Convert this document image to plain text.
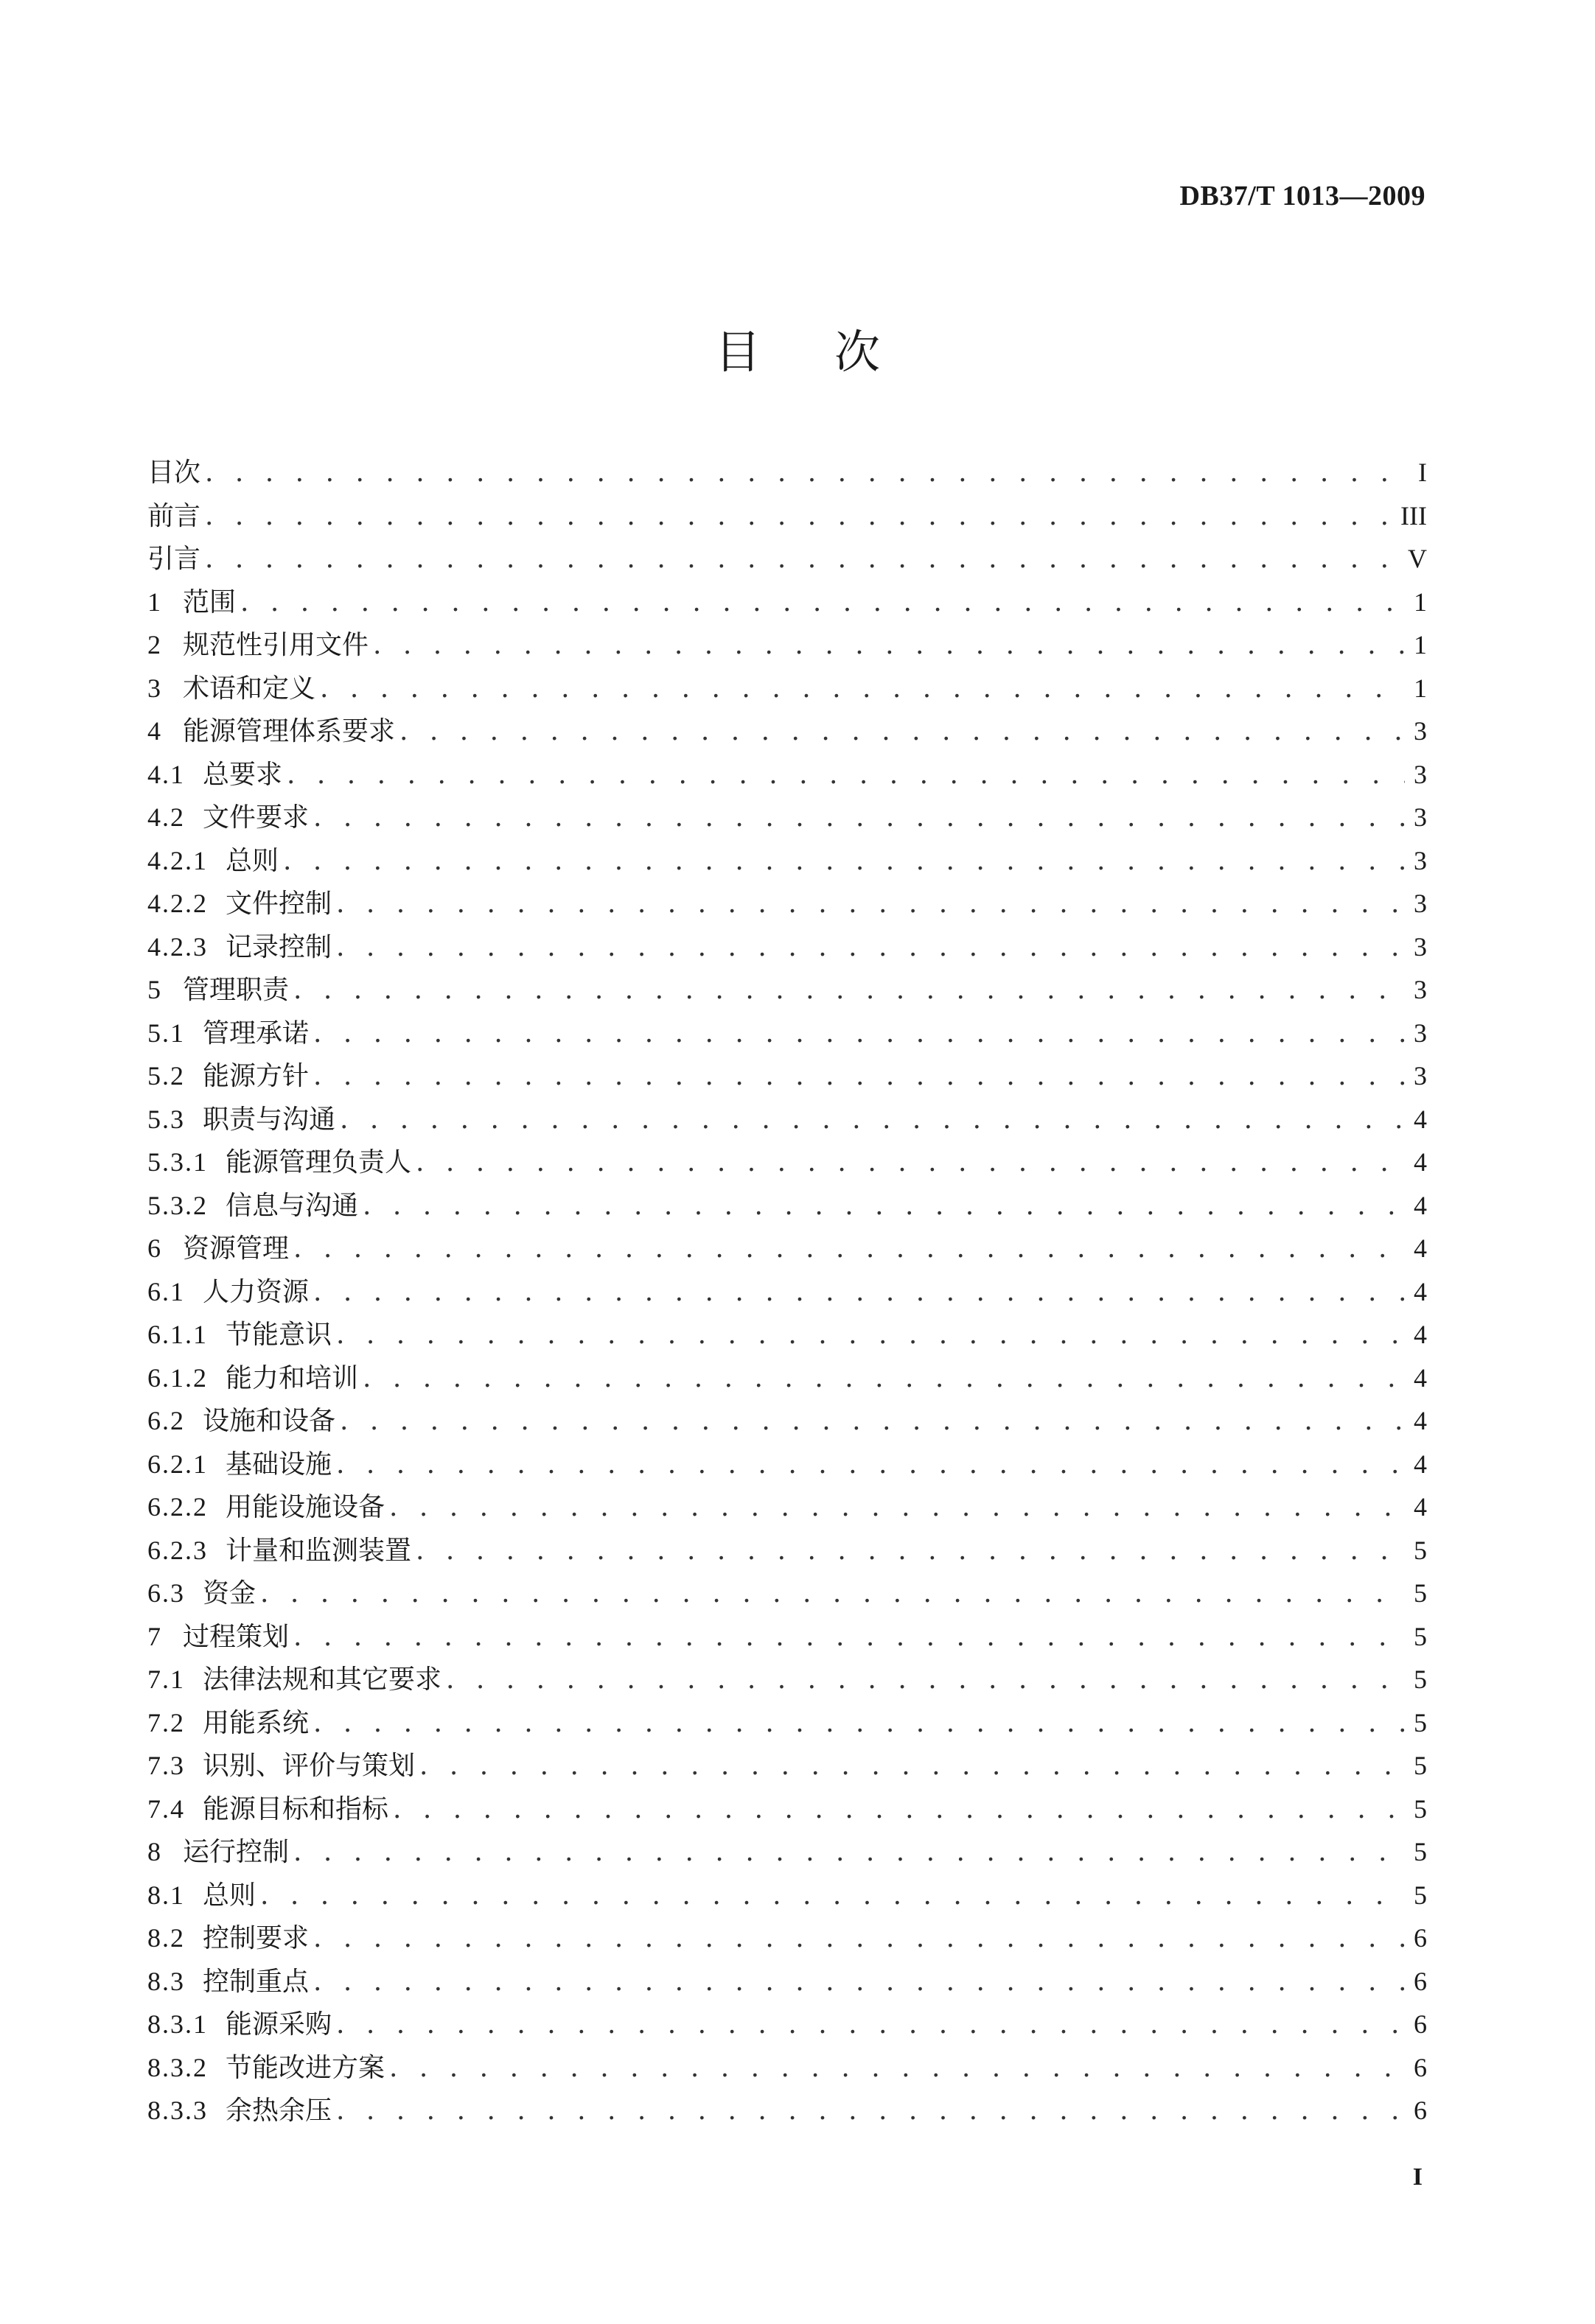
DB37/T 1013—2009
目次
目次 . . .	I
前言 . . .	III
引言 . . .	V
1 范围 . . .	1
2 规范性引用文件 . . .	1
3 术语和定义 . . .	1
4 能源管理体系要求 . . .	3
4.1 总要求 . . .	3
4.2 文件要求 . . .	3
4.2.1 总则 . . .	3
4.2.2 文件控制 . . .	3
4.2.3 记录控制 . . .	3
5 管理职责 . . .	3
5.1 管理承诺 . . .	3
5.2 能源方针 . . .	3
5.3 职责与沟通 . . .	4
5.3.1 能源管理负责人 . . .	4
5.3.2 信息与沟通 . . .	4
6 资源管理 . . .	4
6.1 人力资源 . . .	4
6.1.1 节能意识 . . .	4
6.1.2 能力和培训 . . .	4
6.2 设施和设备 . . .	4
6.2.1 基础设施 . . .	4
6.2.2 用能设施设备 . . .	4
6.2.3 计量和监测装置 . . .	5
6.3 资金 . . .	5
7 过程策划 . . .	5
7.1 法律法规和其它要求 . . .	5
7.2 用能系统 . . .	5
7.3 识别、评价与策划 . . .	5
7.4 能源目标和指标 . . .	5
8 运行控制 . . .	5
8.1 总则 . . .	5
8.2 控制要求 . . .	6
8.3 控制重点 . . .	6
8.3.1 能源采购 . . .	6
8.3.2 节能改进方案 . . .	6
8.3.3 余热余压 . . .	6
I
